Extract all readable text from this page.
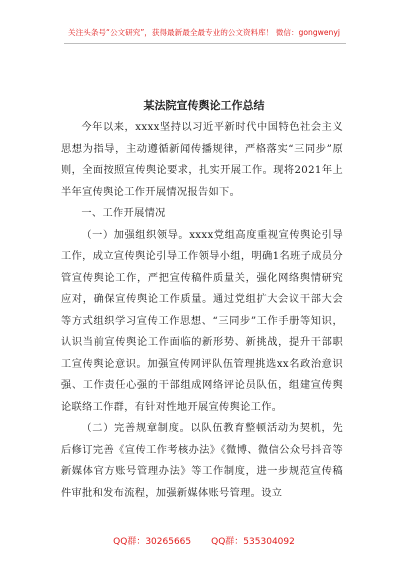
关注头条号“公文研究”，获得最新最全最专业的公文资料库！ 微信：gongwenyj
某法院宣传舆论工作总结

今年以来，xxxx坚持以习近平新时代中国特色社会主义思想为指导，主动遵循新闻传播规律，严格落实“三同步”原则，全面按照宣传舆论要求，扎实开展工作。现将2021年上半年宣传舆论工作开展情况报告如下。

一、工作开展情况

（一）加强组织领导。xxxx党组高度重视宣传舆论引导工作，成立宣传舆论引导工作领导小组，明确1名班子成员分管宣传舆论工作，严把宣传稿件质量关，强化网络舆情研究应对，确保宣传舆论工作质量。通过党组扩大会议干部大会等方式组织学习宣传工作思想、“三同步”工作手册等知识，认识当前宣传舆论工作面临的新形势、新挑战，提升干部职工宣传舆论意识。加强宣传网评队伍管理挑选xx名政治意识强、工作责任心强的干部组成网络评论员队伍，组建宣传舆论联络工作群，有针对性地开展宣传舆论工作。

（二）完善规章制度。以队伍教育整顿活动为契机，先后修订完善《宣传工作考核办法》《微博、微信公众号抖音等新媒体官方账号管理办法》等工作制度，进一步规范宣传稿件审批和发布流程，加强新媒体账号管理。设立

QQ群：30265665 QQ群：535304092
